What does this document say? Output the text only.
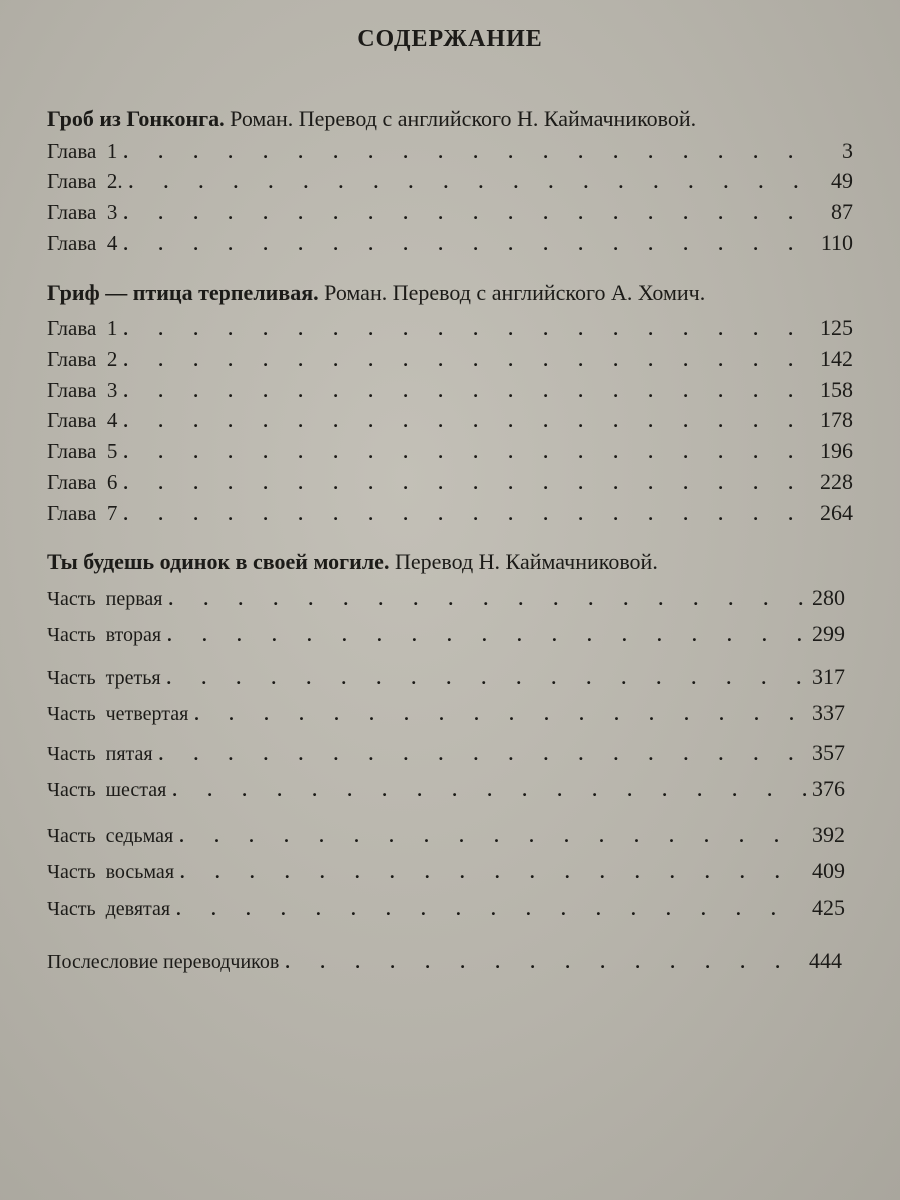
СОДЕРЖАНИЕ
Гроб из Гонконга. Роман. Перевод с английского Н. Каймачниковой.
Глава  1 . . .	3
Глава  2. . . .	49
Глава  3 . . .	87
Глава  4 . . .	110
Гриф — птица терпеливая. Роман. Перевод с английского А. Хомич.
Глава  1 . . .	125
Глава  2 . . .	142
Глава  3 . . .	158
Глава  4 . . .	178
Глава  5 . . .	196
Глава  6 . . .	228
Глава  7 . . .	264
Ты будешь одинок в своей могиле. Перевод Н. Каймачниковой.
Часть  первая . . .	280
Часть  вторая . . .	299
Часть  третья . . .	317
Часть  четвертая . . .	337
Часть  пятая . . .	357
Часть  шестая . . .	376
Часть  седьмая . . .	392
Часть  восьмая . . .	409
Часть  девятая . . .	425
Послесловие переводчиков . . .	444
